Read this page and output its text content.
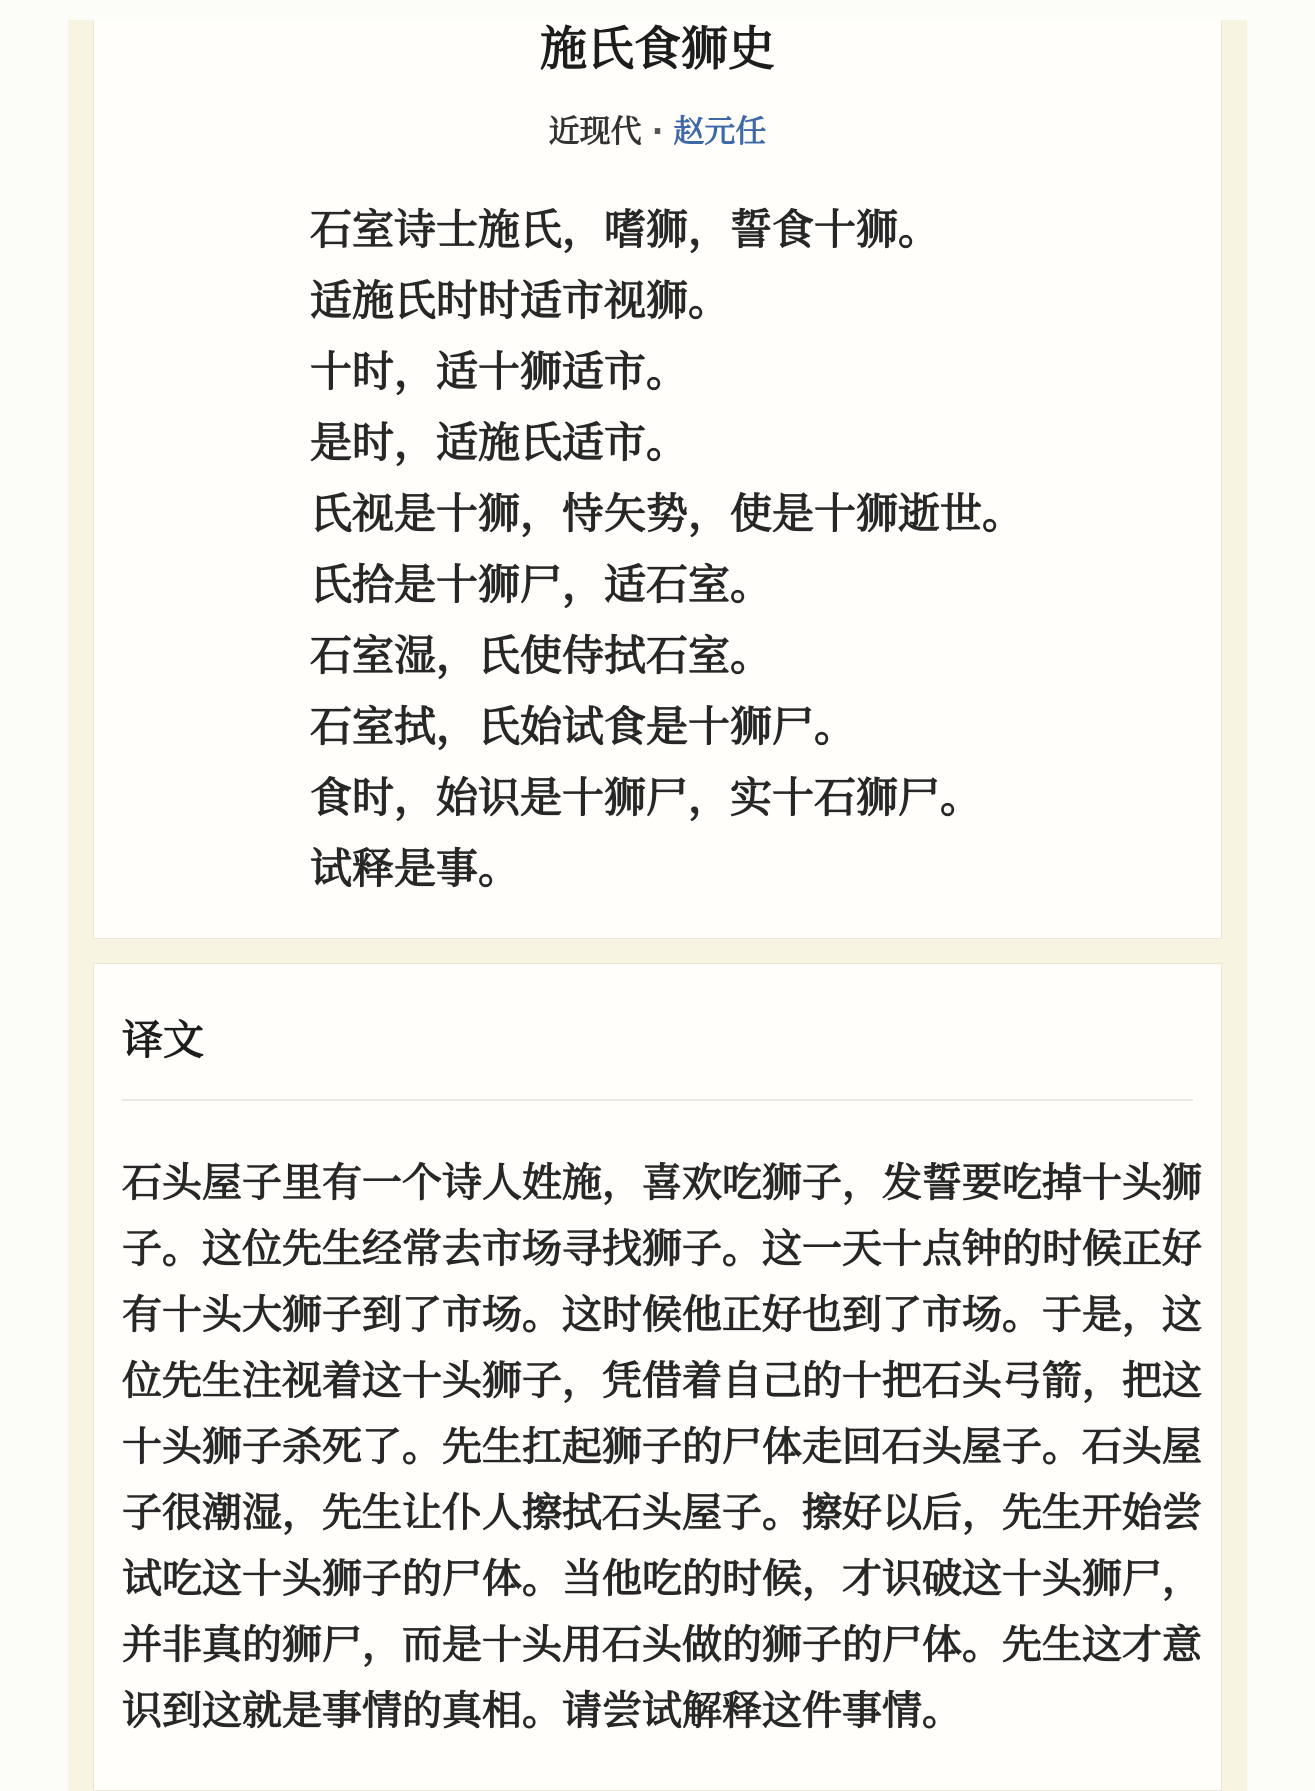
施氏食狮史
近现代 · 赵元任
石室诗士施氏，嗜狮，誓食十狮。
适施氏时时适市视狮。
十时，适十狮适市。
是时，适施氏适市。
氏视是十狮，恃矢势，使是十狮逝世。
氏拾是十狮尸，适石室。
石室湿，氏使侍拭石室。
石室拭，氏始试食是十狮尸。
食时，始识是十狮尸，实十石狮尸。
试释是事。
译文
石头屋子里有一个诗人姓施，喜欢吃狮子，发誓要吃掉十头狮
子。这位先生经常去市场寻找狮子。这一天十点钟的时候正好
有十头大狮子到了市场。这时候他正好也到了市场。于是，这
位先生注视着这十头狮子，凭借着自己的十把石头弓箭，把这
十头狮子杀死了。先生扛起狮子的尸体走回石头屋子。石头屋
子很潮湿，先生让仆人擦拭石头屋子。擦好以后，先生开始尝
试吃这十头狮子的尸体。当他吃的时候，才识破这十头狮尸，
并非真的狮尸，而是十头用石头做的狮子的尸体。先生这才意
识到这就是事情的真相。请尝试解释这件事情。
